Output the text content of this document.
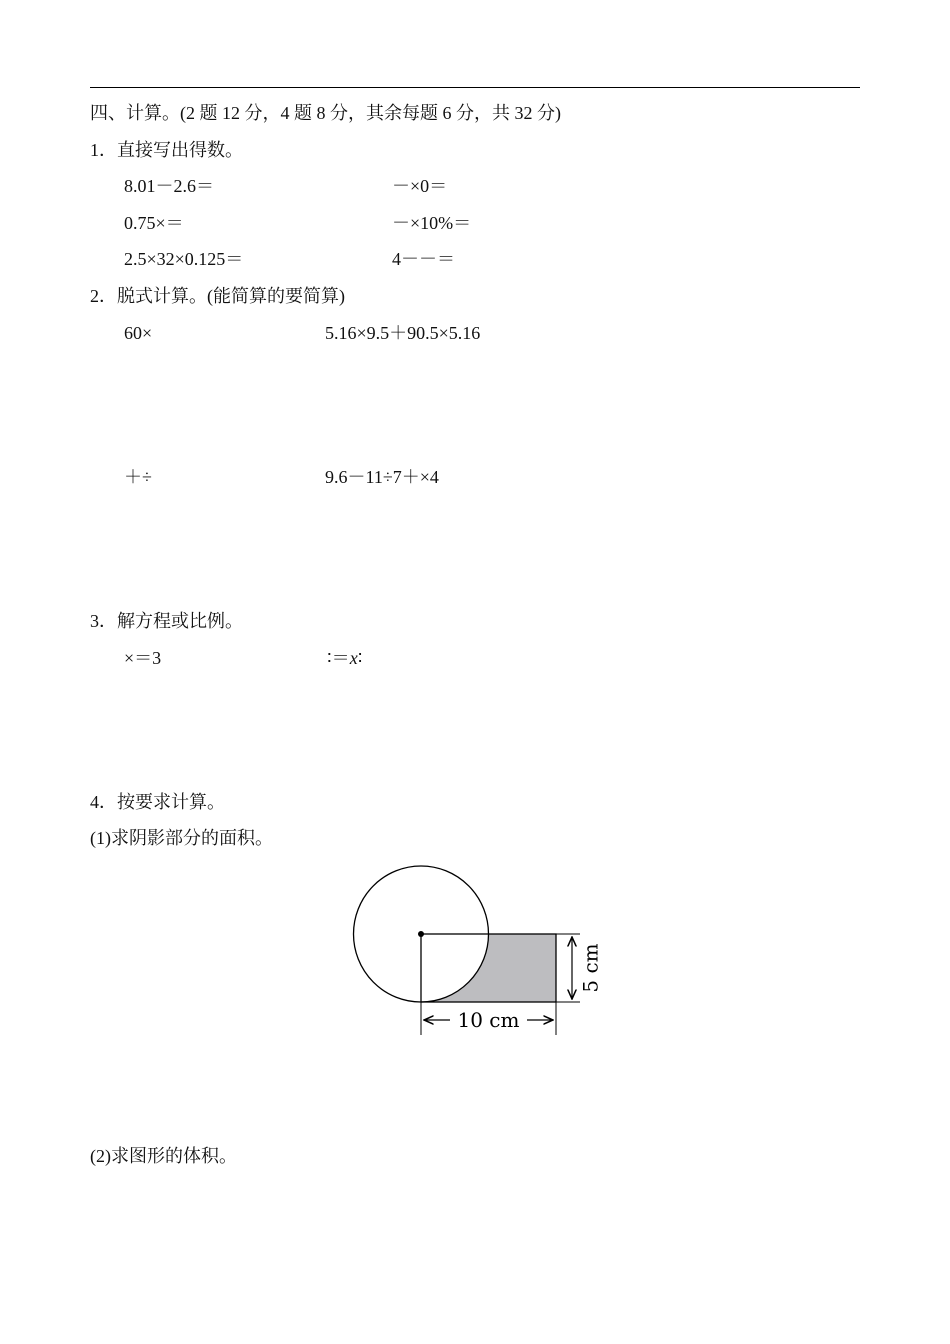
四、计算。(2 题 12 分，4 题 8 分，其余每题 6 分，共 32 分)
1．直接写出得数。
8.01－2.6＝	－×0＝
0.75×＝	－×10%＝
2.5×32×0.125＝	4－－＝
2．脱式计算。(能简算的要简算)
60×	5.16×9.5＋90.5×5.16
＋÷	9.6－11÷7＋×4
3．解方程或比例。
×＝3	∶＝x∶
4．按要求计算。
(1)求阴影部分的面积。
5 cm
10 cm
(2)求图形的体积。
